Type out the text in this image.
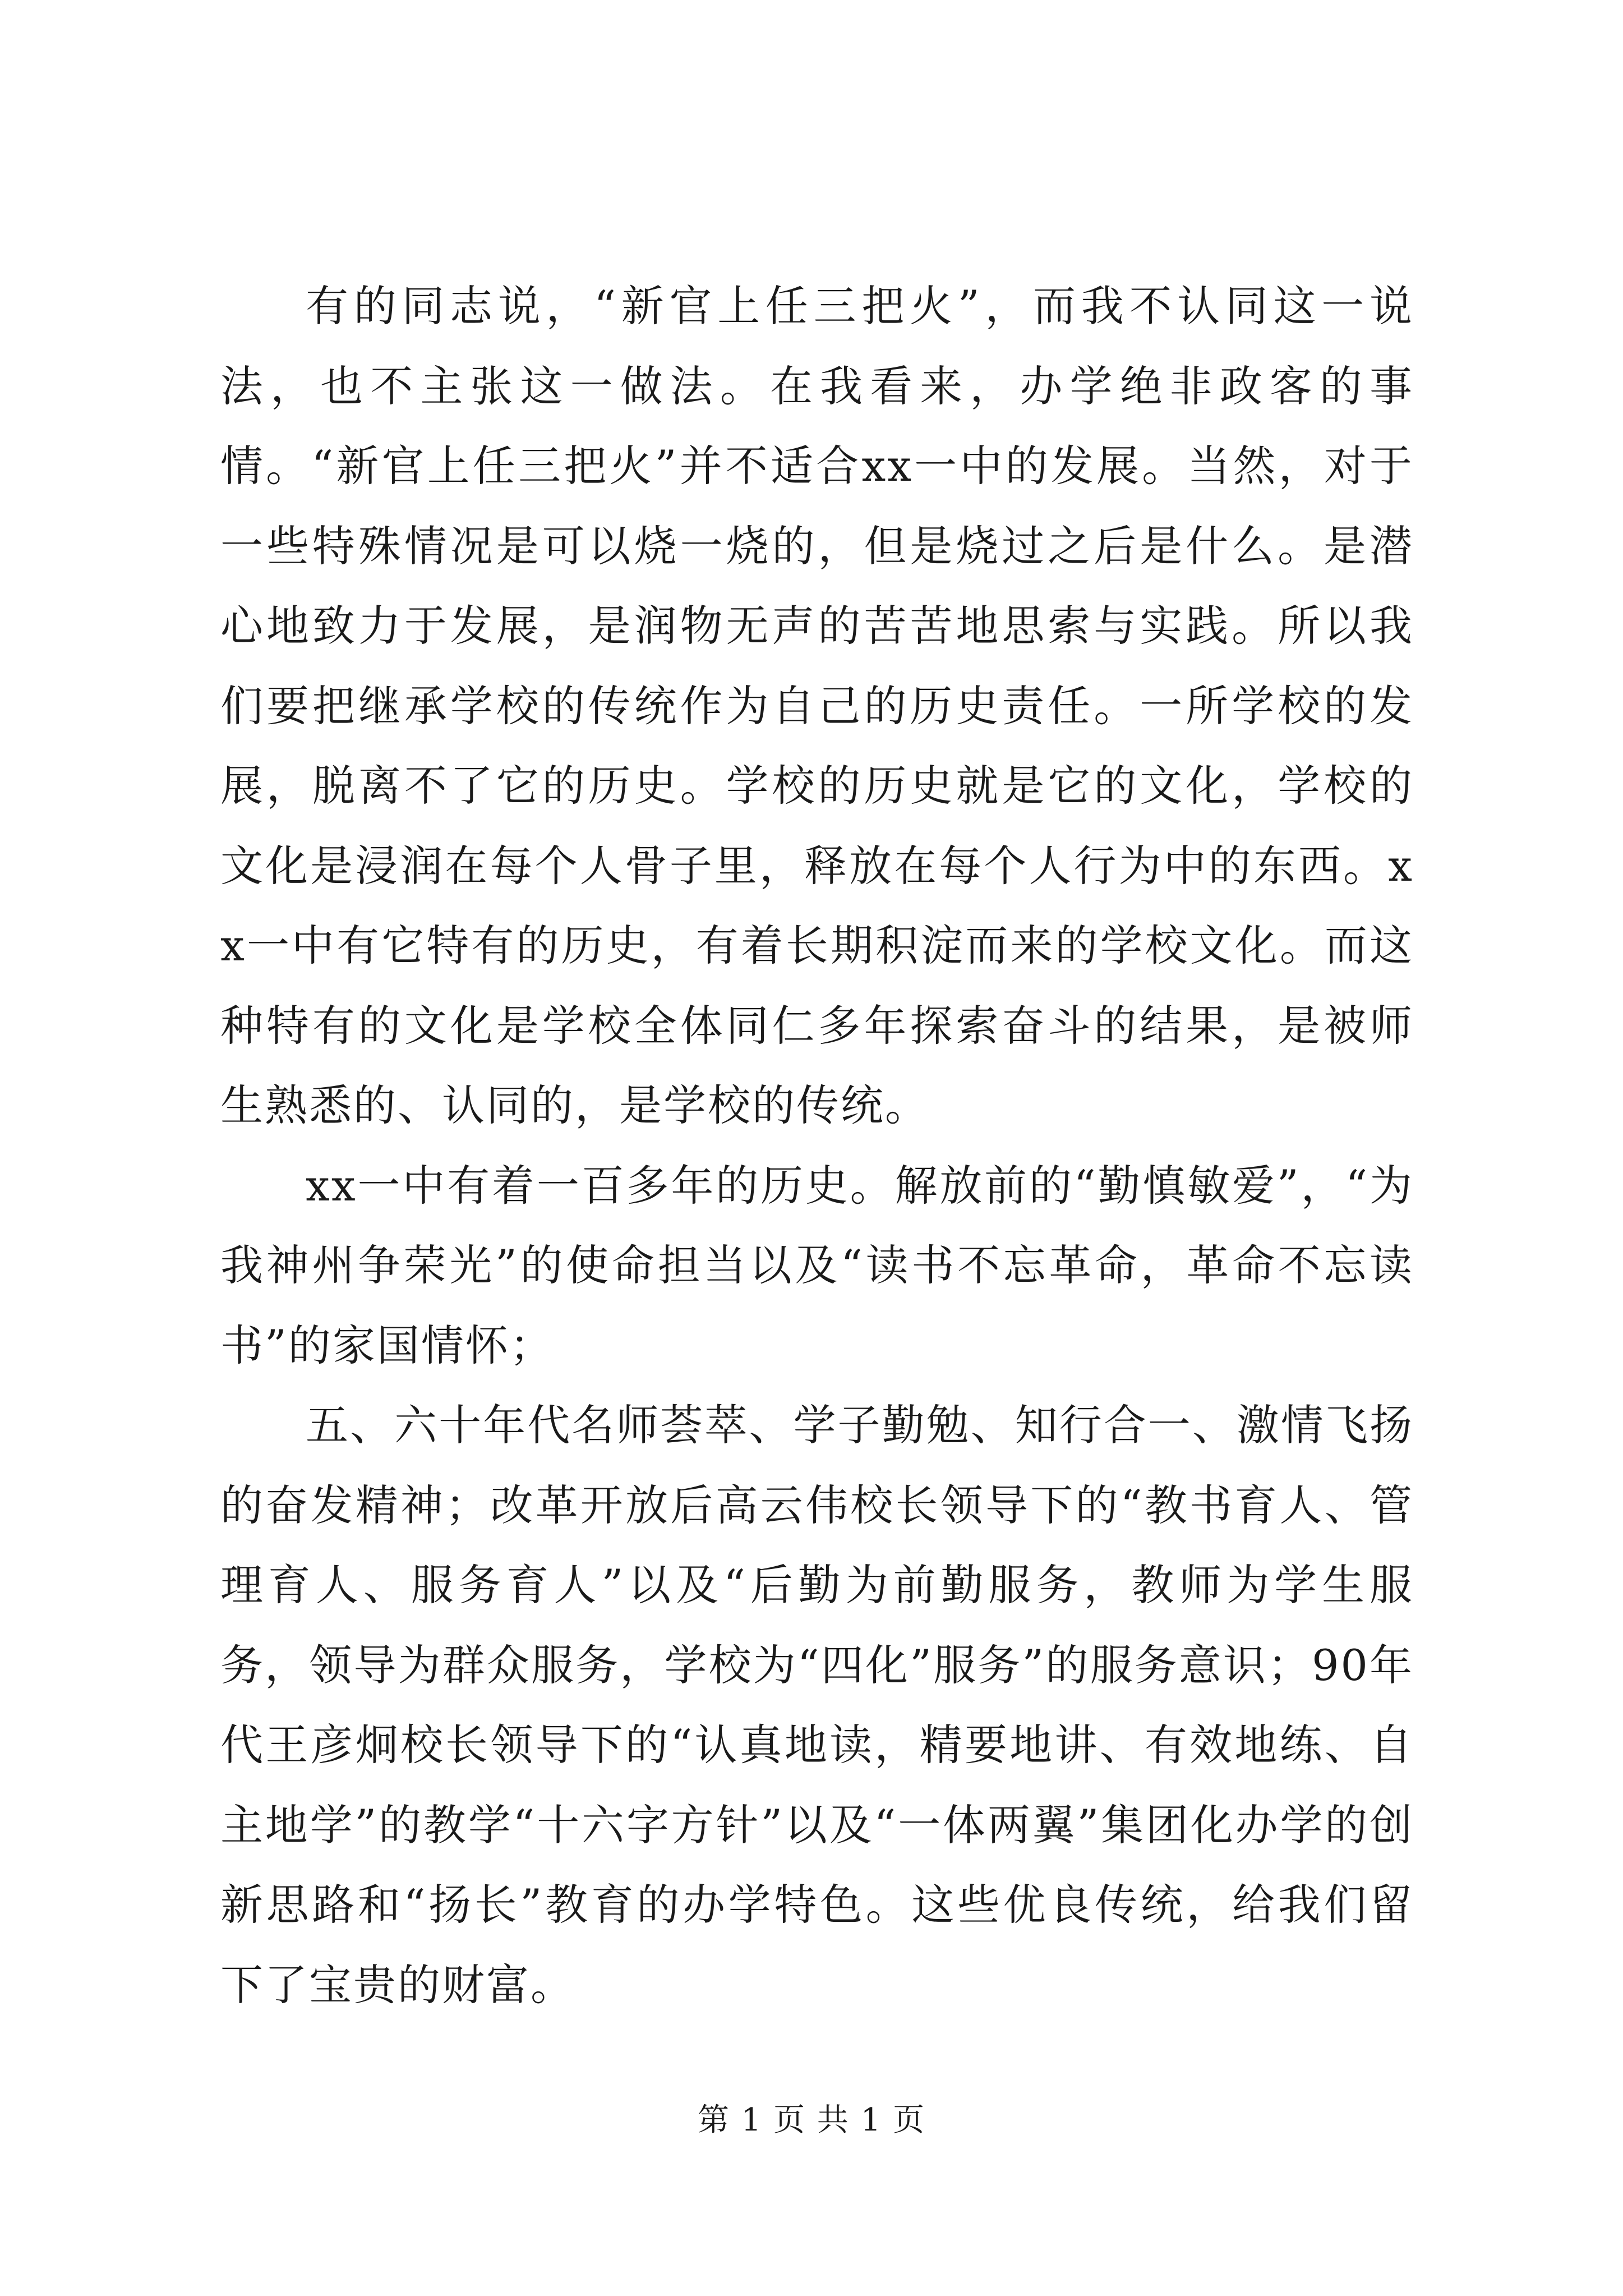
有的同志说，“新官上任三把火”，而我不认同这一说法，也不主张这一做法。在我看来，办学绝非政客的事情。“新官上任三把火”并不适合xx一中的发展。当然，对于一些特殊情况是可以烧一烧的，但是烧过之后是什么。是潜心地致力于发展，是润物无声的苦苦地思索与实践。所以我们要把继承学校的传统作为自己的历史责任。一所学校的发展，脱离不了它的历史。学校的历史就是它的文化，学校的文化是浸润在每个人骨子里，释放在每个人行为中的东西。xx一中有它特有的历史，有着长期积淀而来的学校文化。而这种特有的文化是学校全体同仁多年探索奋斗的结果，是被师生熟悉的、认同的，是学校的传统。

xx一中有着一百多年的历史。解放前的“勤慎敏爱”，“为我神州争荣光”的使命担当以及“读书不忘革命，革命不忘读书”的家国情怀；

五、六十年代名师荟萃、学子勤勉、知行合一、激情飞扬的奋发精神；改革开放后高云伟校长领导下的“教书育人、管理育人、服务育人”以及“后勤为前勤服务，教师为学生服务，领导为群众服务，学校为“四化”服务”的服务意识；90年代王彦炯校长领导下的“认真地读，精要地讲、有效地练、自主地学”的教学“十六字方针”以及“一体两翼”集团化办学的创新思路和“扬长”教育的办学特色。这些优良传统，给我们留下了宝贵的财富。

第 1 页 共 1 页
